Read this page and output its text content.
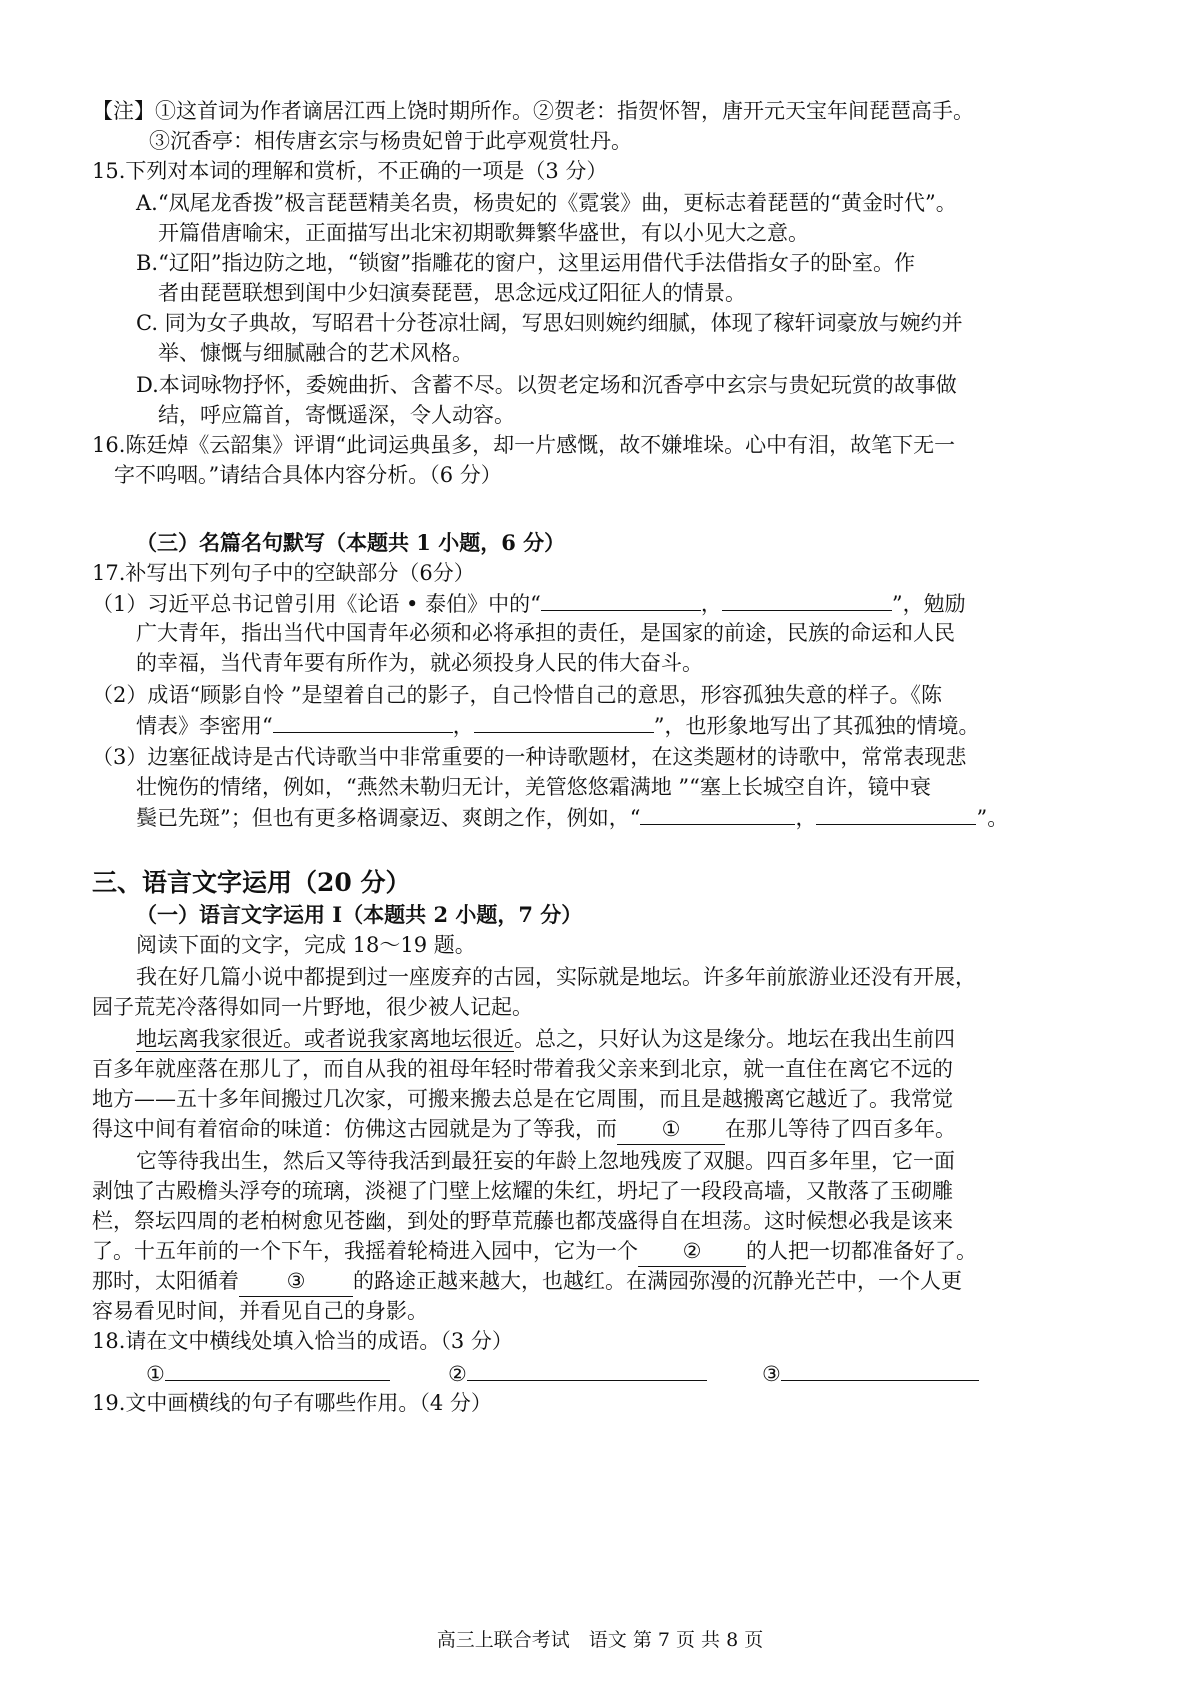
【注】①这首词为作者谪居江西上饶时期所作。②贺老：指贺怀智，唐开元天宝年间琵琶高手。
③沉香亭：相传唐玄宗与杨贵妃曾于此亭观赏牡丹。
15.下列对本词的理解和赏析，不正确的一项是（3 分）
A.“凤尾龙香拨”极言琵琶精美名贵，杨贵妃的《霓裳》曲，更标志着琵琶的“黄金时代”。
开篇借唐喻宋，正面描写出北宋初期歌舞繁华盛世，有以小见大之意。
B.“辽阳”指边防之地，“锁窗”指雕花的窗户，这里运用借代手法借指女子的卧室。作
者由琵琶联想到闺中少妇演奏琵琶，思念远戍辽阳征人的情景。
C. 同为女子典故，写昭君十分苍凉壮阔，写思妇则婉约细腻，体现了稼轩词豪放与婉约并
举、慷慨与细腻融合的艺术风格。
D.本词咏物抒怀，委婉曲折、含蓄不尽。以贺老定场和沉香亭中玄宗与贵妃玩赏的故事做
结，呼应篇首，寄慨遥深，令人动容。
16.陈廷焯《云韶集》评谓“此词运典虽多，却一片感慨，故不嫌堆垛。心中有泪，故笔下无一
字不呜咽。”请结合具体内容分析。（6 分）
（三）名篇名句默写（本题共 1 小题，6 分）
17.补写出下列句子中的空缺部分（6分）
（1）习近平总书记曾引用《论语 • 泰伯》中的“	，	”，勉励
广大青年，指出当代中国青年必须和必将承担的责任，是国家的前途，民族的命运和人民
的幸福，当代青年要有所作为，就必须投身人民的伟大奋斗。
（2）成语“顾影自怜 ”是望着自己的影子，自己怜惜自己的意思，形容孤独失意的样子。《陈
情表》李密用“	，	”，也形象地写出了其孤独的情境。
（3）边塞征战诗是古代诗歌当中非常重要的一种诗歌题材，在这类题材的诗歌中，常常表现悲
壮惋伤的情绪，例如，“燕然未勒归无计，羌管悠悠霜满地 ”“塞上长城空自许，镜中衰
鬓已先斑”；但也有更多格调豪迈、爽朗之作，例如，“	，	”。
三、语言文字运用（20 分）
（一）语言文字运用 Ⅰ（本题共 2 小题，7 分）
阅读下面的文字，完成 18～19 题。
我在好几篇小说中都提到过一座废弃的古园，实际就是地坛。许多年前旅游业还没有开展，
园子荒芜冷落得如同一片野地，很少被人记起。
地坛离我家很近。或者说我家离地坛很近。总之，只好认为这是缘分。地坛在我出生前四
百多年就座落在那儿了，而自从我的祖母年轻时带着我父亲来到北京，就一直住在离它不远的
地方——五十多年间搬过几次家，可搬来搬去总是在它周围，而且是越搬离它越近了。我常觉
得这中间有着宿命的味道：仿佛这古园就是为了等我，而 ① 在那儿等待了四百多年。
它等待我出生，然后又等待我活到最狂妄的年龄上忽地残废了双腿。四百多年里，它一面
剥蚀了古殿檐头浮夸的琉璃，淡褪了门壁上炫耀的朱红，坍圮了一段段高墙，又散落了玉砌雕
栏，祭坛四周的老柏树愈见苍幽，到处的野草荒藤也都茂盛得自在坦荡。这时候想必我是该来
了。十五年前的一个下午，我摇着轮椅进入园中，它为一个 ② 的人把一切都准备好了。
那时，太阳循着 ③ 的路途正越来越大，也越红。在满园弥漫的沉静光芒中，一个人更
容易看见时间，并看见自己的身影。
18.请在文中横线处填入恰当的成语。（3 分）
①	②	③
19.文中画横线的句子有哪些作用。（4 分）
高三上联合考试　语文 第 7 页 共 8 页
